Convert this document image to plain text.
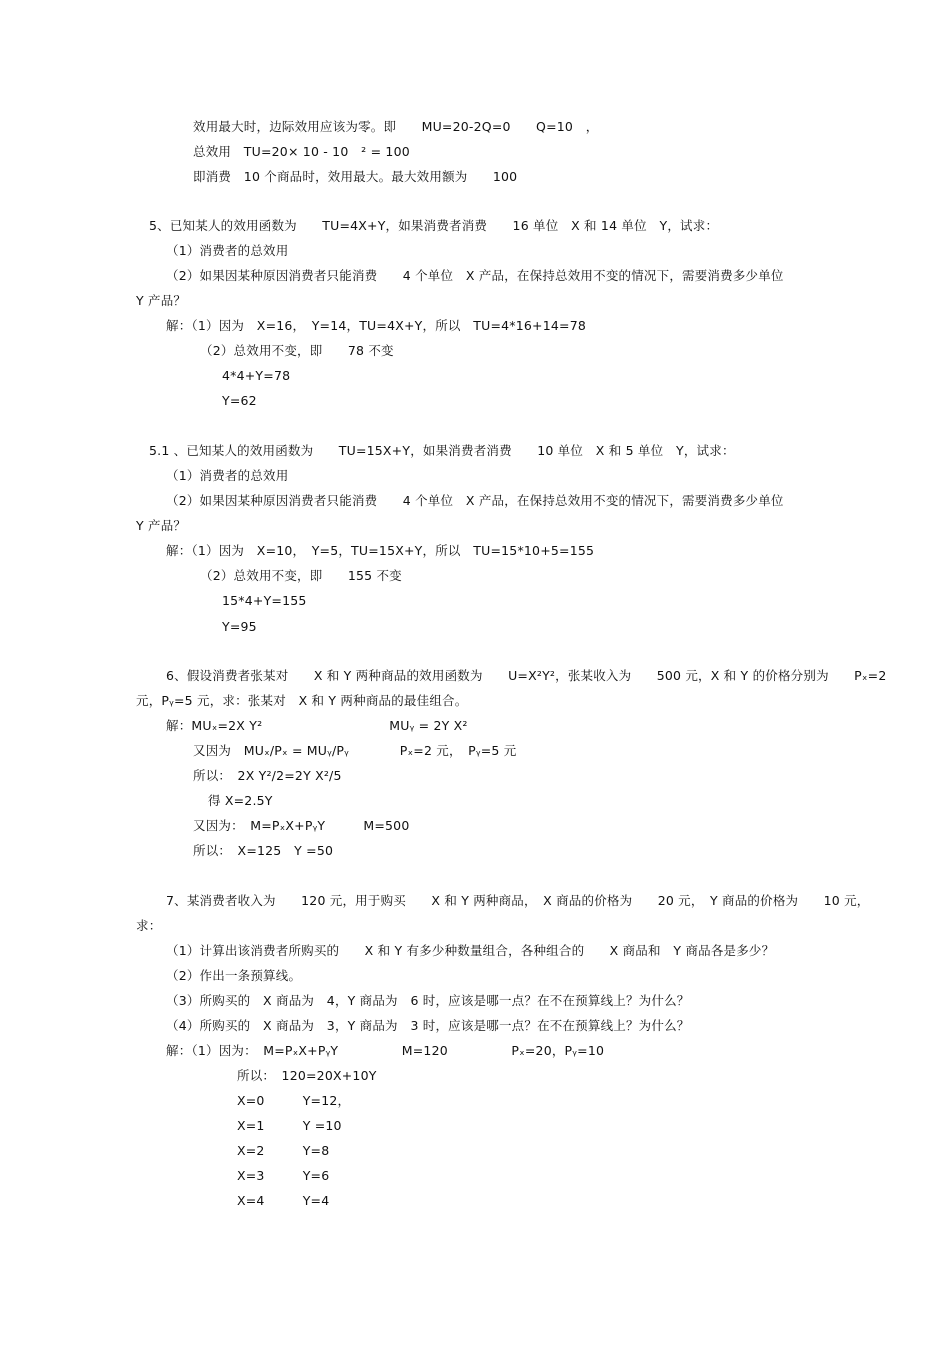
效用最大时，边际效用应该为零。即　　MU=20-2Q=0　　Q=10　，
总效用　TU=20× 10 - 10　² = 100
即消费　10 个商品时，效用最大。最大效用额为　　100
5、已知某人的效用函数为　　TU=4X+Y，如果消费者消费　　16 单位　X 和 14 单位　Y，试求：
（1）消费者的总效用
（2）如果因某种原因消费者只能消费　　4 个单位　X 产品，在保持总效用不变的情况下，需要消费多少单位
Y 产品？
解：（1）因为　X=16，　Y=14，TU=4X+Y，所以　TU=4*16+14=78
（2）总效用不变，即　　78 不变
4*4+Y=78
Y=62
5.1 、已知某人的效用函数为　　TU=15X+Y，如果消费者消费　　10 单位　X 和 5 单位　Y，试求：
（1）消费者的总效用
（2）如果因某种原因消费者只能消费　　4 个单位　X 产品，在保持总效用不变的情况下，需要消费多少单位
Y 产品？
解：（1）因为　X=10，　Y=5，TU=15X+Y，所以　TU=15*10+5=155
（2）总效用不变，即　　155 不变
15*4+Y=155
Y=95
6、假设消费者张某对　　X 和 Y 两种商品的效用函数为　　U=X²Y²，张某收入为　　500 元，X 和 Y 的价格分别为　　Pₓ=2
元，Pᵧ=5 元，求：张某对　X 和 Y 两种商品的最佳组合。
解：MUₓ=2X Y²　　　　　　　　　　MUᵧ = 2Y X²
又因为　MUₓ/Pₓ = MUᵧ/Pᵧ　　　　Pₓ=2 元，　Pᵧ=5 元
所以：　2X Y²/2=2Y X²/5
得 X=2.5Y
又因为：　M=PₓX+PᵧY　　　M=500
所以：　X=125　Y =50
7、某消费者收入为　　120 元，用于购买　　X 和 Y 两种商品，　X 商品的价格为　　20 元，　Y 商品的价格为　　10 元，
求：
（1）计算出该消费者所购买的　　X 和 Y 有多少种数量组合，各种组合的　　X 商品和　Y 商品各是多少？
（2）作出一条预算线。
（3）所购买的　X 商品为　4，Y 商品为　6 时，应该是哪一点？在不在预算线上？为什么？
（4）所购买的　X 商品为　3，Y 商品为　3 时，应该是哪一点？在不在预算线上？为什么？
解：（1）因为：　M=PₓX+PᵧY　　　　　M=120　　　　　Pₓ=20，Pᵧ=10
所以：　120=20X+10Y
X=0　　　Y=12，
X=1　　　Y =10
X=2　　　Y=8
X=3　　　Y=6
X=4　　　Y=4
